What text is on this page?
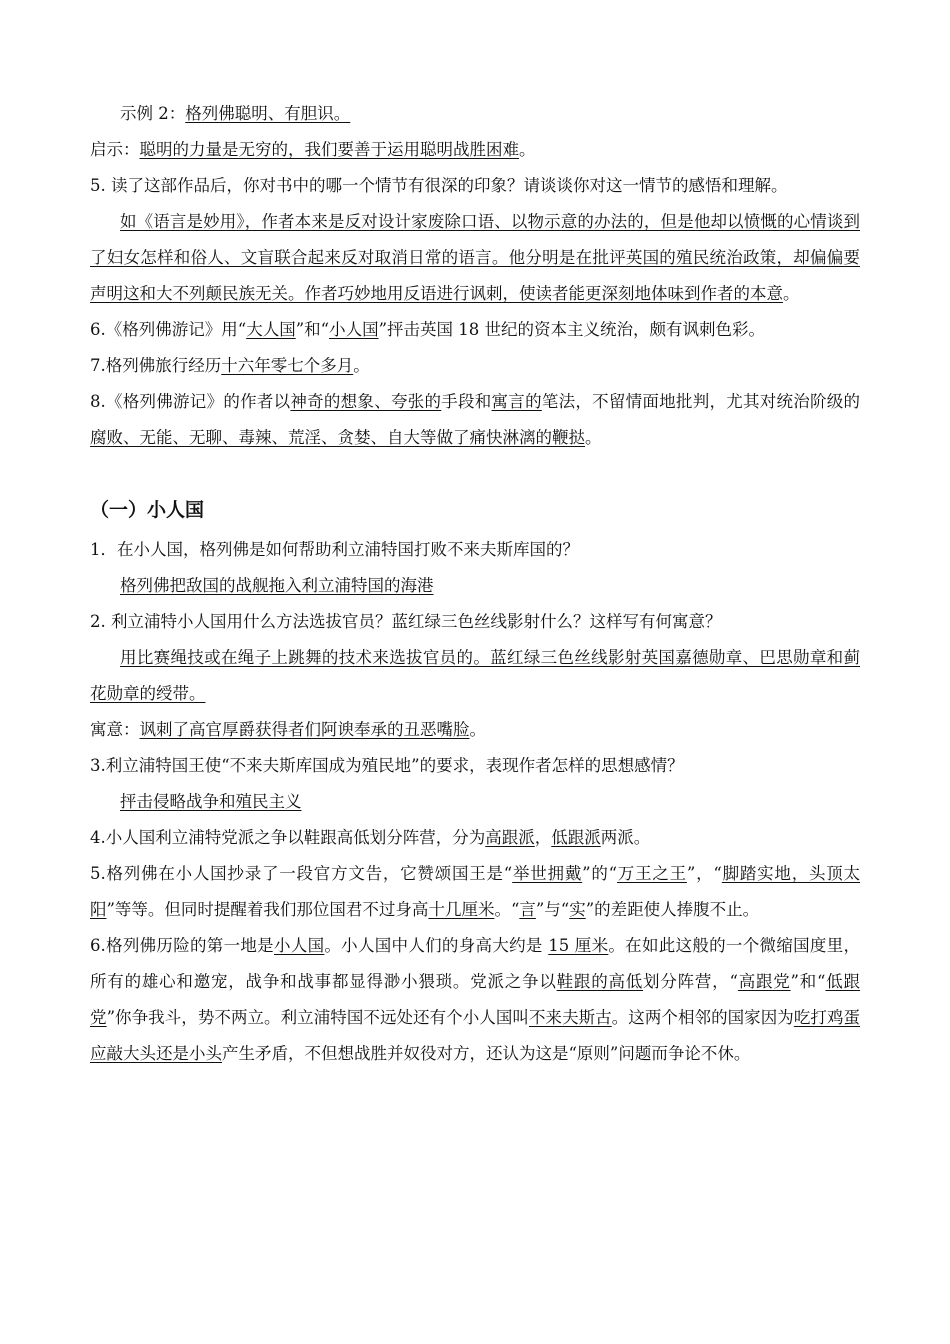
示例 2：格列佛聪明、有胆识。

启示：聪明的力量是无穷的，我们要善于运用聪明战胜困难。

5. 读了这部作品后，你对书中的哪一个情节有很深的印象？请谈谈你对这一情节的感悟和理解。

如《语言是妙用》，作者本来是反对设计家废除口语、以物示意的办法的，但是他却以愤慨的心情谈到了妇女怎样和俗人、文盲联合起来反对取消日常的语言。他分明是在批评英国的殖民统治政策，却偏偏要声明这和大不列颠民族无关。作者巧妙地用反语进行讽刺，使读者能更深刻地体味到作者的本意。

6.《格列佛游记》用“大人国”和“小人国”抨击英国 18 世纪的资本主义统治，颇有讽刺色彩。

7.格列佛旅行经历十六年零七个多月。

8.《格列佛游记》的作者以神奇的想象、夸张的手段和寓言的笔法，不留情面地批判，尤其对统治阶级的腐败、无能、无聊、毒辣、荒淫、贪婪、自大等做了痛快淋漓的鞭挞。

（一）小人国

1．在小人国，格列佛是如何帮助利立浦特国打败不来夫斯库国的？

格列佛把敌国的战舰拖入利立浦特国的海港

2. 利立浦特小人国用什么方法选拔官员？蓝红绿三色丝线影射什么？这样写有何寓意？

用比赛绳技或在绳子上跳舞的技术来选拔官员的。蓝红绿三色丝线影射英国嘉德勋章、巴思勋章和蓟花勋章的绶带。

寓意：讽刺了高官厚爵获得者们阿谀奉承的丑恶嘴脸。

3.利立浦特国王使“不来夫斯库国成为殖民地”的要求，表现作者怎样的思想感情？

抨击侵略战争和殖民主义

4.小人国利立浦特党派之争以鞋跟高低划分阵营，分为高跟派，低跟派两派。

5.格列佛在小人国抄录了一段官方文告，它赞颂国王是“举世拥戴”的“万王之王”，“脚踏实地，头顶太阳”等等。但同时提醒着我们那位国君不过身高十几厘米。“言”与“实”的差距使人捧腹不止。

6.格列佛历险的第一地是小人国。小人国中人们的身高大约是 15 厘米。在如此这般的一个微缩国度里，所有的雄心和邀宠，战争和战事都显得渺小猥琐。党派之争以鞋跟的高低划分阵营，“高跟党”和“低跟党”你争我斗，势不两立。利立浦特国不远处还有个小人国叫不来夫斯古。这两个相邻的国家因为吃打鸡蛋应敲大头还是小头产生矛盾，不但想战胜并奴役对方，还认为这是“原则”问题而争论不休。
